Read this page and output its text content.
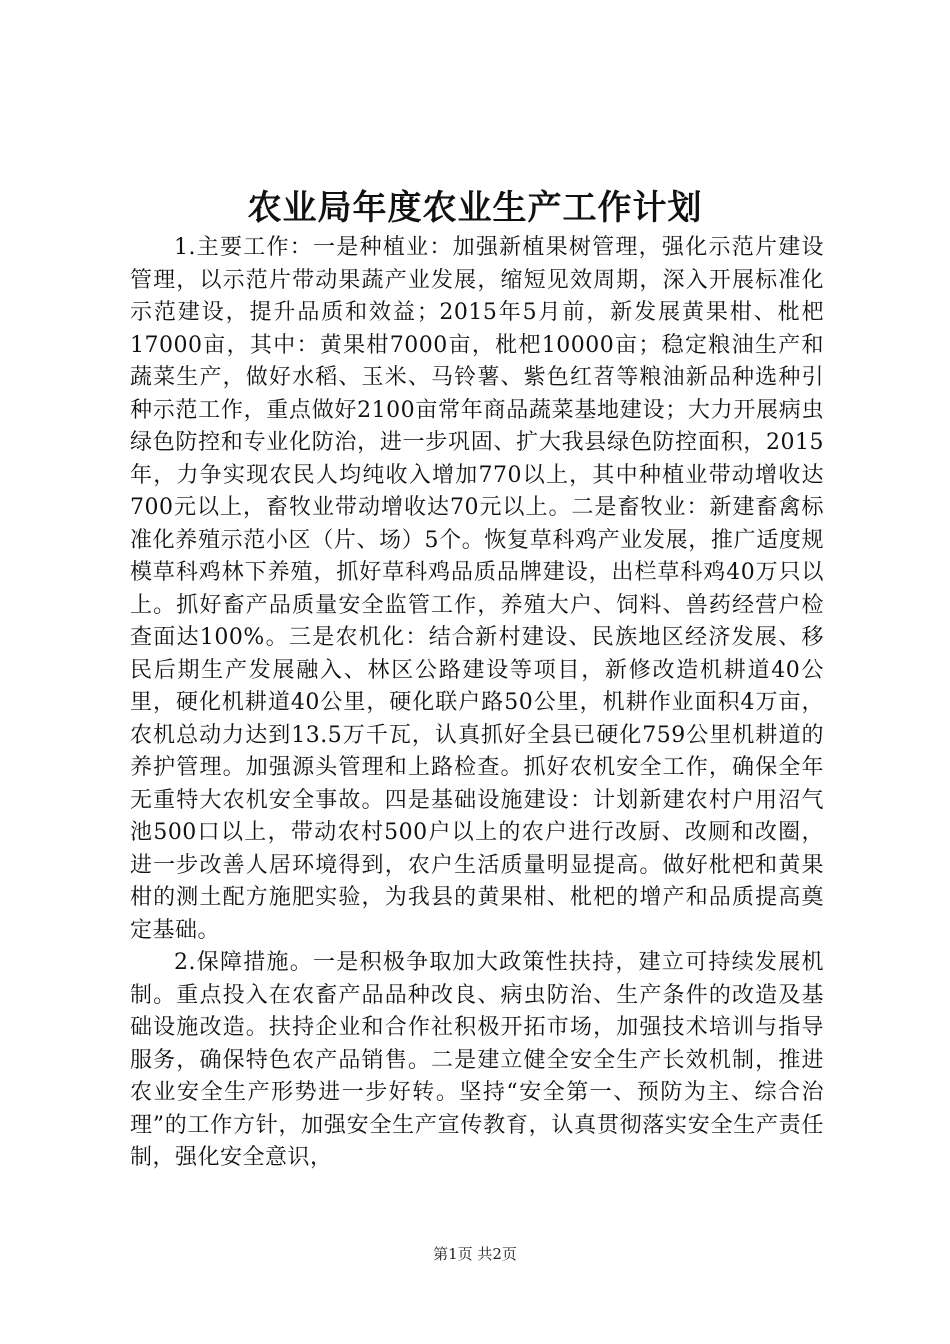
农业局年度农业生产工作计划

1.主要工作：一是种植业：加强新植果树管理，强化示范片建设管理，以示范片带动果蔬产业发展，缩短见效周期，深入开展标准化示范建设，提升品质和效益；2015年5月前，新发展黄果柑、枇杷17000亩，其中：黄果柑7000亩，枇杷10000亩；稳定粮油生产和蔬菜生产，做好水稻、玉米、马铃薯、紫色红苕等粮油新品种选种引种示范工作，重点做好2100亩常年商品蔬菜基地建设；大力开展病虫绿色防控和专业化防治，进一步巩固、扩大我县绿色防控面积，2015年，力争实现农民人均纯收入增加770以上，其中种植业带动增收达700元以上，畜牧业带动增收达70元以上。二是畜牧业：新建畜禽标准化养殖示范小区（片、场）5个。恢复草科鸡产业发展，推广适度规模草科鸡林下养殖，抓好草科鸡品质品牌建设，出栏草科鸡40万只以上。抓好畜产品质量安全监管工作，养殖大户、饲料、兽药经营户检查面达100%。三是农机化：结合新村建设、民族地区经济发展、移民后期生产发展融入、林区公路建设等项目，新修改造机耕道40公里，硬化机耕道40公里，硬化联户路50公里，机耕作业面积4万亩，农机总动力达到13.5万千瓦，认真抓好全县已硬化759公里机耕道的养护管理。加强源头管理和上路检查。抓好农机安全工作，确保全年无重特大农机安全事故。四是基础设施建设：计划新建农村户用沼气池500口以上，带动农村500户以上的农户进行改厨、改厕和改圈，进一步改善人居环境得到，农户生活质量明显提高。做好枇杷和黄果柑的测土配方施肥实验，为我县的黄果柑、枇杷的增产和品质提高奠定基础。

2.保障措施。一是积极争取加大政策性扶持，建立可持续发展机制。重点投入在农畜产品品种改良、病虫防治、生产条件的改造及基础设施改造。扶持企业和合作社积极开拓市场，加强技术培训与指导服务，确保特色农产品销售。二是建立健全安全生产长效机制，推进农业安全生产形势进一步好转。坚持“安全第一、预防为主、综合治理”的工作方针，加强安全生产宣传教育，认真贯彻落实安全生产责任制，强化安全意识，

第1页 共2页
